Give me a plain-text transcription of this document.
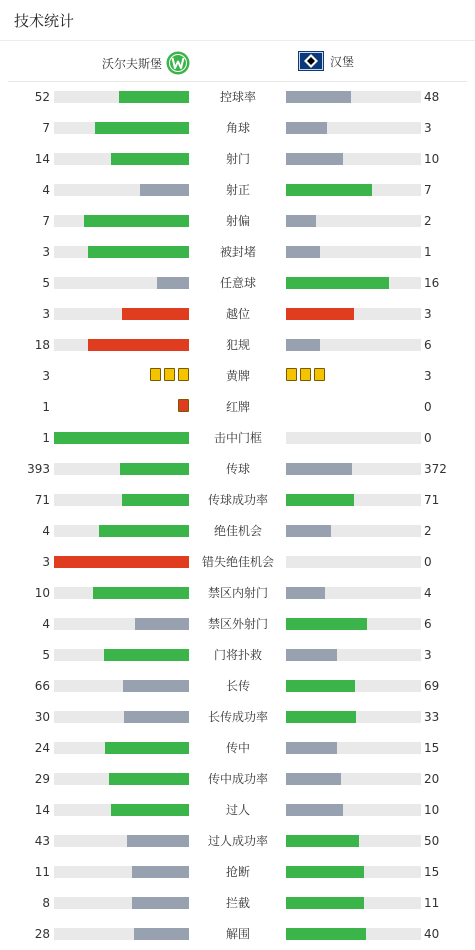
技术统计
沃尔夫斯堡	汉堡
52	控球率	48
7	角球	3
14	射门	10
4	射正	7
7	射偏	2
3	被封堵	1
5	任意球	16
3	越位	3
18	犯规	6
3	黄牌	3
1	红牌	0
1	击中门框	0
393	传球	372
71	传球成功率	71
4	绝佳机会	2
3	错失绝佳机会	0
10	禁区内射门	4
4	禁区外射门	6
5	门将扑救	3
66	长传	69
30	长传成功率	33
24	传中	15
29	传中成功率	20
14	过人	10
43	过人成功率	50
11	抢断	15
8	拦截	11
28	解围	40
